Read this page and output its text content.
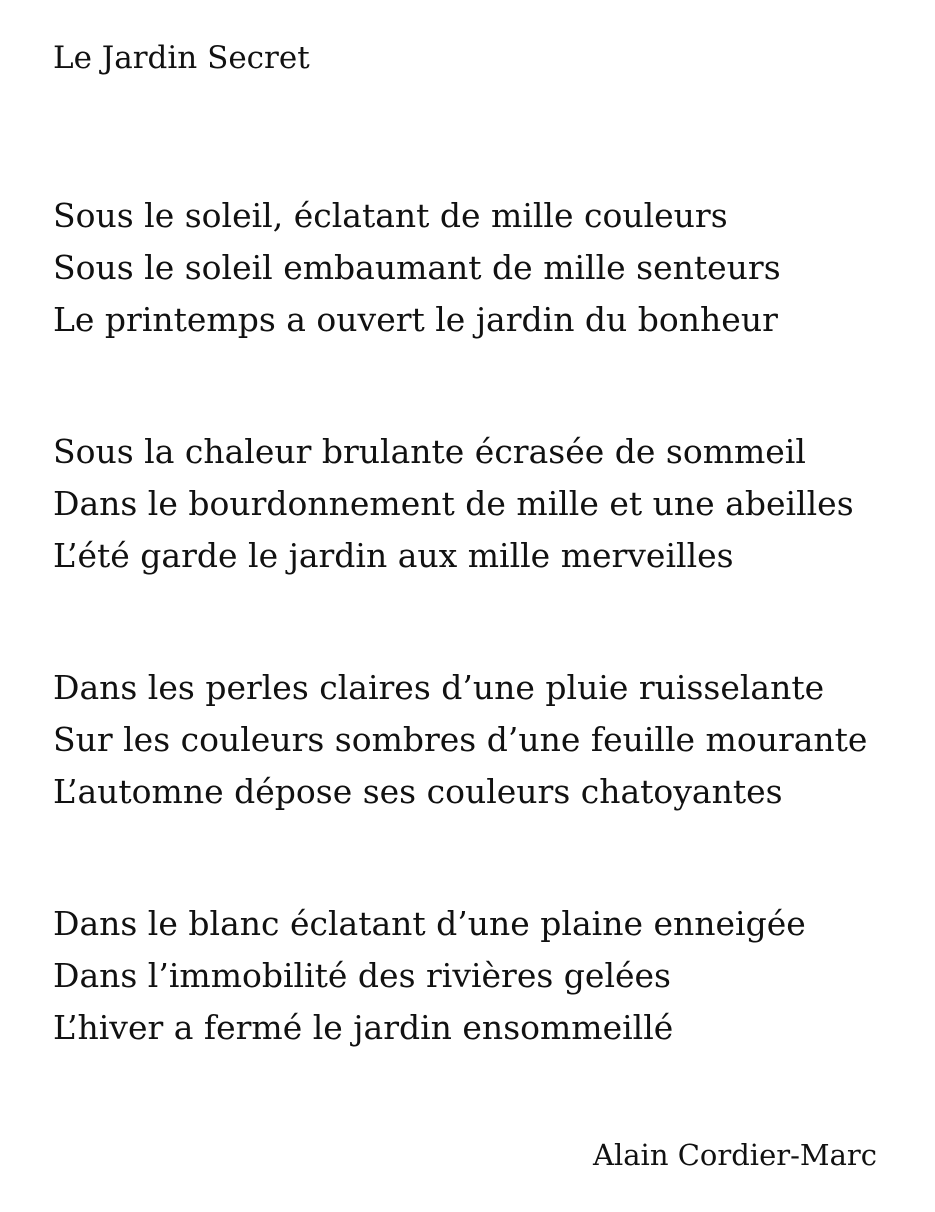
Le Jardin Secret
Sous le soleil, éclatant de mille couleurs
Sous le soleil embaumant de mille senteurs
Le printemps a ouvert le jardin du bonheur
Sous la chaleur brulante écrasée de sommeil
Dans le bourdonnement de mille et une abeilles
L’été garde le jardin aux mille merveilles
Dans les perles claires d’une pluie ruisselante
Sur les couleurs sombres d’une feuille mourante
L’automne dépose ses couleurs chatoyantes
Dans le blanc éclatant d’une plaine enneigée
Dans l’immobilité des rivières gelées
L’hiver a fermé le jardin ensommeillé
Alain Cordier-Marc
